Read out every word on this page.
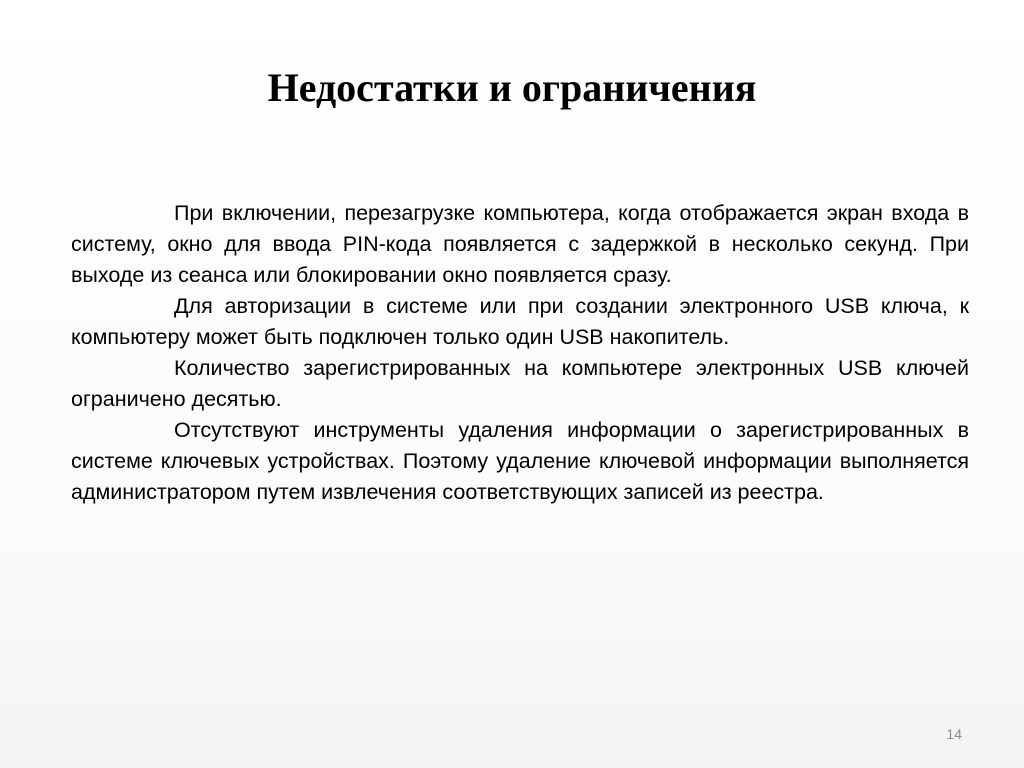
Недостатки и ограничения

При включении, перезагрузке компьютера, когда отображается экран входа в систему, окно для ввода PIN-кода появляется с задержкой в несколько секунд. При выходе из сеанса или блокировании окно появляется сразу.

Для авторизации в системе или при создании электронного USB ключа, к компьютеру может быть подключен только один USB накопитель.

Количество зарегистрированных на компьютере электронных USB ключей ограничено десятью.

Отсутствуют инструменты удаления информации о зарегистрированных в системе ключевых устройствах. Поэтому удаление ключевой информации выполняется администратором путем извлечения соответствующих записей из реестра.

14
